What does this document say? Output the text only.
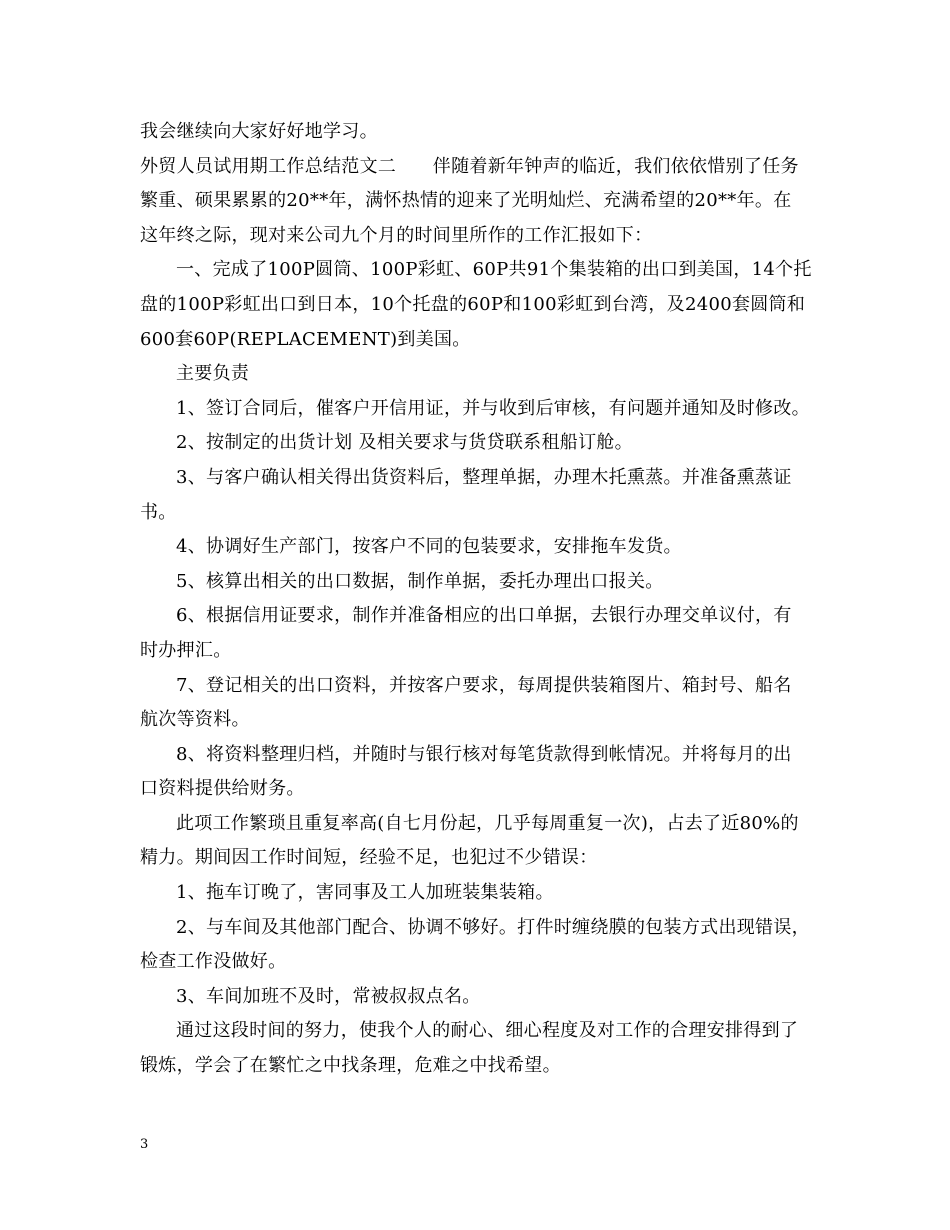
我会继续向大家好好地学习。
外贸人员试用期工作总结范文二　　伴随着新年钟声的临近，我们依依惜别了任务
繁重、硕果累累的20**年，满怀热情的迎来了光明灿烂、充满希望的20**年。在
这年终之际，现对来公司九个月的时间里所作的工作汇报如下：
一、完成了100P圆筒、100P彩虹、60P共91个集装箱的出口到美国，14个托
盘的100P彩虹出口到日本，10个托盘的60P和100彩虹到台湾，及2400套圆筒和
600套60P(REPLACEMENT)到美国。
主要负责
1、签订合同后，催客户开信用证，并与收到后审核，有问题并通知及时修改。
2、按制定的出货计划 及相关要求与货贷联系租船订舱。
3、与客户确认相关得出货资料后，整理单据，办理木托熏蒸。并准备熏蒸证
书。
4、协调好生产部门，按客户不同的包装要求，安排拖车发货。
5、核算出相关的出口数据，制作单据，委托办理出口报关。
6、根据信用证要求，制作并准备相应的出口单据，去银行办理交单议付，有
时办押汇。
7、登记相关的出口资料，并按客户要求，每周提供装箱图片、箱封号、船名
航次等资料。
8、将资料整理归档，并随时与银行核对每笔货款得到帐情况。并将每月的出
口资料提供给财务。
此项工作繁琐且重复率高(自七月份起，几乎每周重复一次)，占去了近80%的
精力。期间因工作时间短，经验不足，也犯过不少错误：
1、拖车订晚了，害同事及工人加班装集装箱。
2、与车间及其他部门配合、协调不够好。打件时缠绕膜的包装方式出现错误，
检查工作没做好。
3、车间加班不及时，常被叔叔点名。
通过这段时间的努力，使我个人的耐心、细心程度及对工作的合理安排得到了
锻炼，学会了在繁忙之中找条理，危难之中找希望。
3
